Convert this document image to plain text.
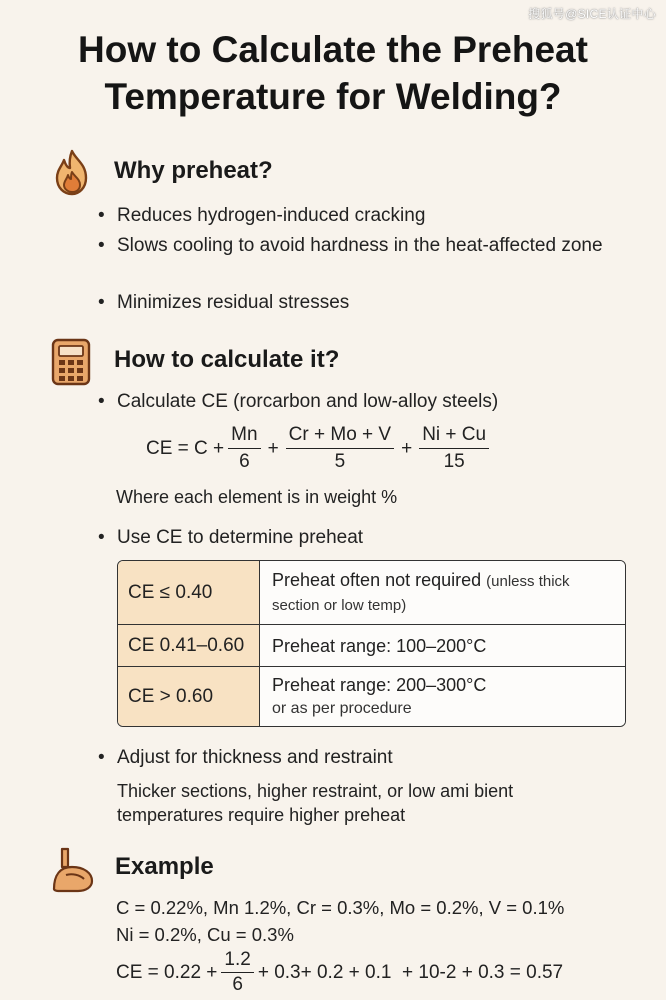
搜狐号@SICE认证中心
How to Calculate the Preheat
Temperature for Welding?
Why preheat?
• Reduces hydrogen-induced cracking
• Slows cooling to avoid hardness in the heat-affected zone
• Minimizes residual stresses
How to calculate it?
• Calculate CE (rorcarbon and low-alloy steels)
CE = $C + \frac{Mn}{6} + \frac{Cr + Mo + V}{5} + \frac{Ni + Cu}{15}$
Where each element is in weight %
• Use CE to determine preheat
CE ≤ 0.40
Preheat often not required (unless thick
section or low temp)
CE 0.41–0.60	Preheat range: 100–200°C
CE > 0.60
Preheat range: 200–300°C
or as per procedure
• Adjust for thickness and restraint
Thicker sections, higher restraint, or low ami bient
temperatures require higher preheat
Example
C = 0.22%, Mn 1.2%, Cr = 0.3%, Mo = 0.2%, V = 0.1%
Ni = 0.2%, Cu = 0.3%
CE = $0.22 + \frac{1.2}{6} + 0.3+ 0.2 + 0.1 + 10-2 + 0.3 = 0.57$
